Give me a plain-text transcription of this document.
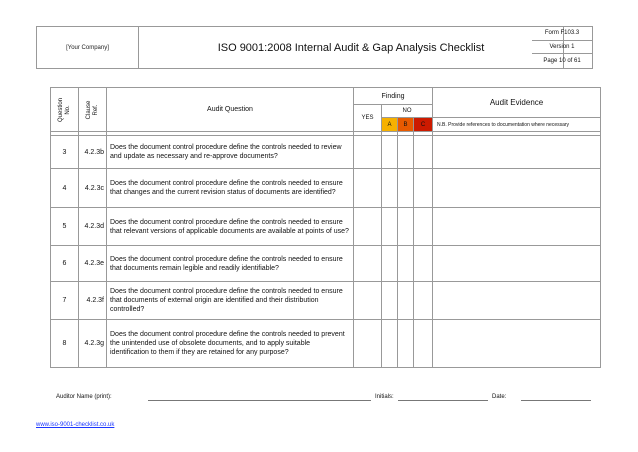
[Your Company]	ISO 9001:2008 Internal Audit & Gap Analysis Checklist
Form F103.3
Version 1
Page 10 of 61
Question No.	Clause Ref.	Audit Question	Finding				Audit Evidence
			YES	NO			
				A	B	C	N.B. Provide references to documentation where necessary

3	4.2.3b	Does the document control procedure define the controls needed to review and update as necessary and re-approve documents?					
4	4.2.3c	Does the document control procedure define the controls needed to ensure that changes and the current revision status of documents are identified?					
5	4.2.3d	Does the document control procedure define the controls needed to ensure that relevant versions of applicable documents are available at points of use?					
6	4.2.3e	Does the document control procedure define the controls needed to ensure that documents remain legible and readily identifiable?					
7	4.2.3f	Does the document control procedure define the controls needed to ensure that documents of external origin are identified and their distribution controlled?					
8	4.2.3g	Does the document control procedure define the controls needed to prevent the unintended use of obsolete documents, and to apply suitable identification to them if they are retained for any purpose?					
Auditor Name (print):	Initials:	Date:
www.iso-9001-checklist.co.uk
